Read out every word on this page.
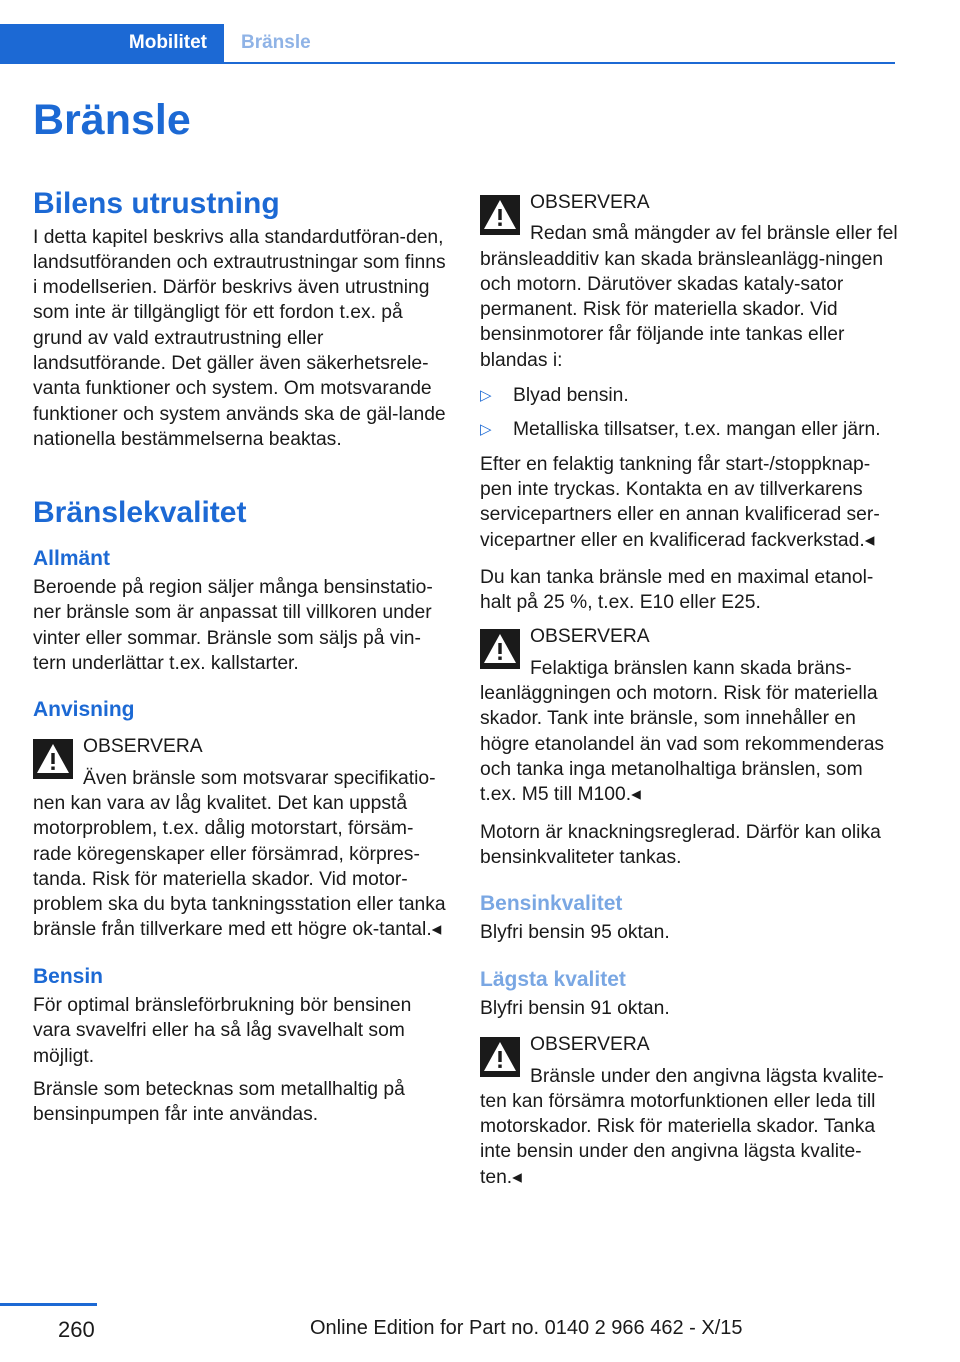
Mobilitet	Bränsle
Bränsle
Bilens utrustning

I detta kapitel beskrivs alla standardutföran-den, landsutföranden och extrautrustningar som finns i modellserien. Därför beskrivs även utrustning som inte är tillgängligt för ett fordon t.ex. på grund av vald extrautrustning eller landsutförande. Det gäller även säkerhetsrele-vanta funktioner och system. Om motsvarande funktioner och system används ska de gäl-lande nationella bestämmelserna beaktas.

Bränslekvalitet
Allmänt

Beroende på region säljer många bensinstatio-ner bränsle som är anpassat till villkoren under vinter eller sommar. Bränsle som säljs på vin-tern underlättar t.ex. kallstarter.

Anvisning
OBSERVERA

Även bränsle som motsvarar specifikatio-nen kan vara av låg kvalitet. Det kan uppstå motorproblem, t.ex. dålig motorstart, försäm-rade köregenskaper eller försämrad, körpres-tanda. Risk för materiella skador. Vid motor-problem ska du byta tankningsstation eller tanka bränsle från tillverkare med ett högre ok-tantal.◂

Bensin

För optimal bränsleförbrukning bör bensinen vara svavelfri eller ha så låg svavelhalt som möjligt.

Bränsle som betecknas som metallhaltig på bensinpumpen får inte användas.

OBSERVERA

Redan små mängder av fel bränsle eller fel bränsleadditiv kan skada bränsleanlägg-ningen och motorn. Därutöver skadas kataly-sator permanent. Risk för materiella skador. Vid bensinmotorer får följande inte tankas eller blandas i:

▷ Blyad bensin.
▷ Metalliska tillsatser, t.ex. mangan eller järn.

Efter en felaktig tankning får start-/stoppknap-pen inte tryckas. Kontakta en av tillverkarens servicepartners eller en annan kvalificerad ser-vicepartner eller en kvalificerad fackverkstad.◂

Du kan tanka bränsle med en maximal etanol-halt på 25 %, t.ex. E10 eller E25.

OBSERVERA

Felaktiga bränslen kann skada bräns-leanläggningen och motorn. Risk för materiella skador. Tank inte bränsle, som innehåller en högre etanolandel än vad som rekommenderas och tanka inga metanolhaltiga bränslen, som t.ex. M5 till M100.◂

Motorn är knackningsreglerad. Därför kan olika bensinkvaliteter tankas.

Bensinkvalitet

Blyfri bensin 95 oktan.

Lägsta kvalitet

Blyfri bensin 91 oktan.

OBSERVERA

Bränsle under den angivna lägsta kvalite-ten kan försämra motorfunktionen eller leda till motorskador. Risk för materiella skador. Tanka inte bensin under den angivna lägsta kvalite-ten.◂

260	Online Edition for Part no. 0140 2 966 462 - X/15
